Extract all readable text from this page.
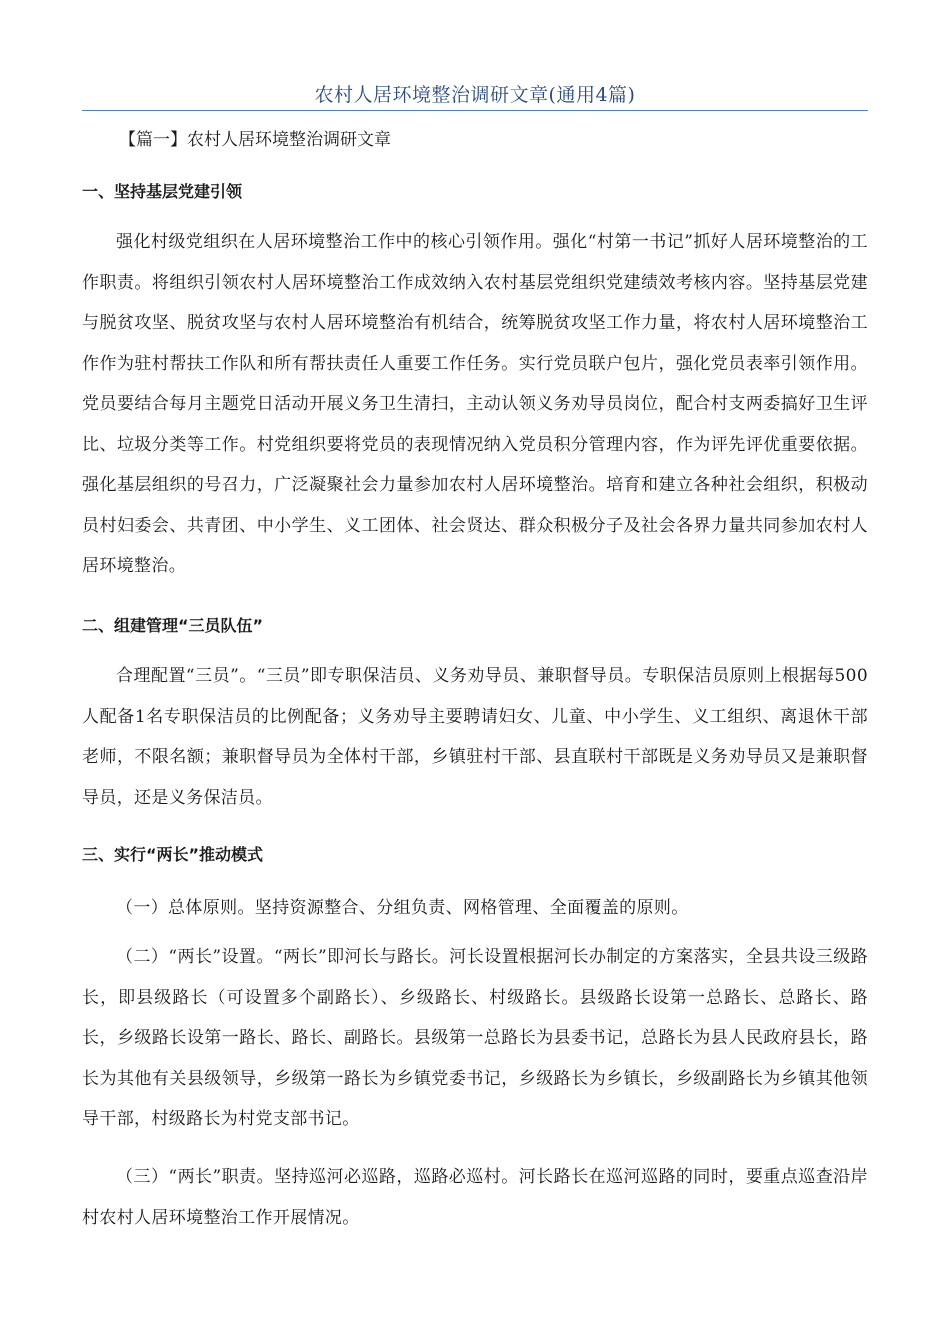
农村人居环境整治调研文章(通用4篇)
【篇一】农村人居环境整治调研文章
一、坚持基层党建引领
强化村级党组织在人居环境整治工作中的核心引领作用。强化“村第一书记”抓好人居环境整治的工作职责。将组织引领农村人居环境整治工作成效纳入农村基层党组织党建绩效考核内容。坚持基层党建与脱贫攻坚、脱贫攻坚与农村人居环境整治有机结合，统筹脱贫攻坚工作力量，将农村人居环境整治工作作为驻村帮扶工作队和所有帮扶责任人重要工作任务。实行党员联户包片，强化党员表率引领作用。党员要结合每月主题党日活动开展义务卫生清扫，主动认领义务劝导员岗位，配合村支两委搞好卫生评比、垃圾分类等工作。村党组织要将党员的表现情况纳入党员积分管理内容，作为评先评优重要依据。强化基层组织的号召力，广泛凝聚社会力量参加农村人居环境整治。培育和建立各种社会组织，积极动员村妇委会、共青团、中小学生、义工团体、社会贤达、群众积极分子及社会各界力量共同参加农村人居环境整治。
二、组建管理“三员队伍”
合理配置“三员”。“三员”即专职保洁员、义务劝导员、兼职督导员。专职保洁员原则上根据每500人配备1名专职保洁员的比例配备；义务劝导主要聘请妇女、儿童、中小学生、义工组织、离退休干部老师，不限名额；兼职督导员为全体村干部，乡镇驻村干部、县直联村干部既是义务劝导员又是兼职督导员，还是义务保洁员。
三、实行“两长”推动模式
（一）总体原则。坚持资源整合、分组负责、网格管理、全面覆盖的原则。
（二）“两长”设置。“两长”即河长与路长。河长设置根据河长办制定的方案落实，全县共设三级路长，即县级路长（可设置多个副路长）、乡级路长、村级路长。县级路长设第一总路长、总路长、路长，乡级路长设第一路长、路长、副路长。县级第一总路长为县委书记，总路长为县人民政府县长，路长为其他有关县级领导，乡级第一路长为乡镇党委书记，乡级路长为乡镇长，乡级副路长为乡镇其他领导干部，村级路长为村党支部书记。
（三）“两长”职责。坚持巡河必巡路，巡路必巡村。河长路长在巡河巡路的同时，要重点巡查沿岸村农村人居环境整治工作开展情况。
